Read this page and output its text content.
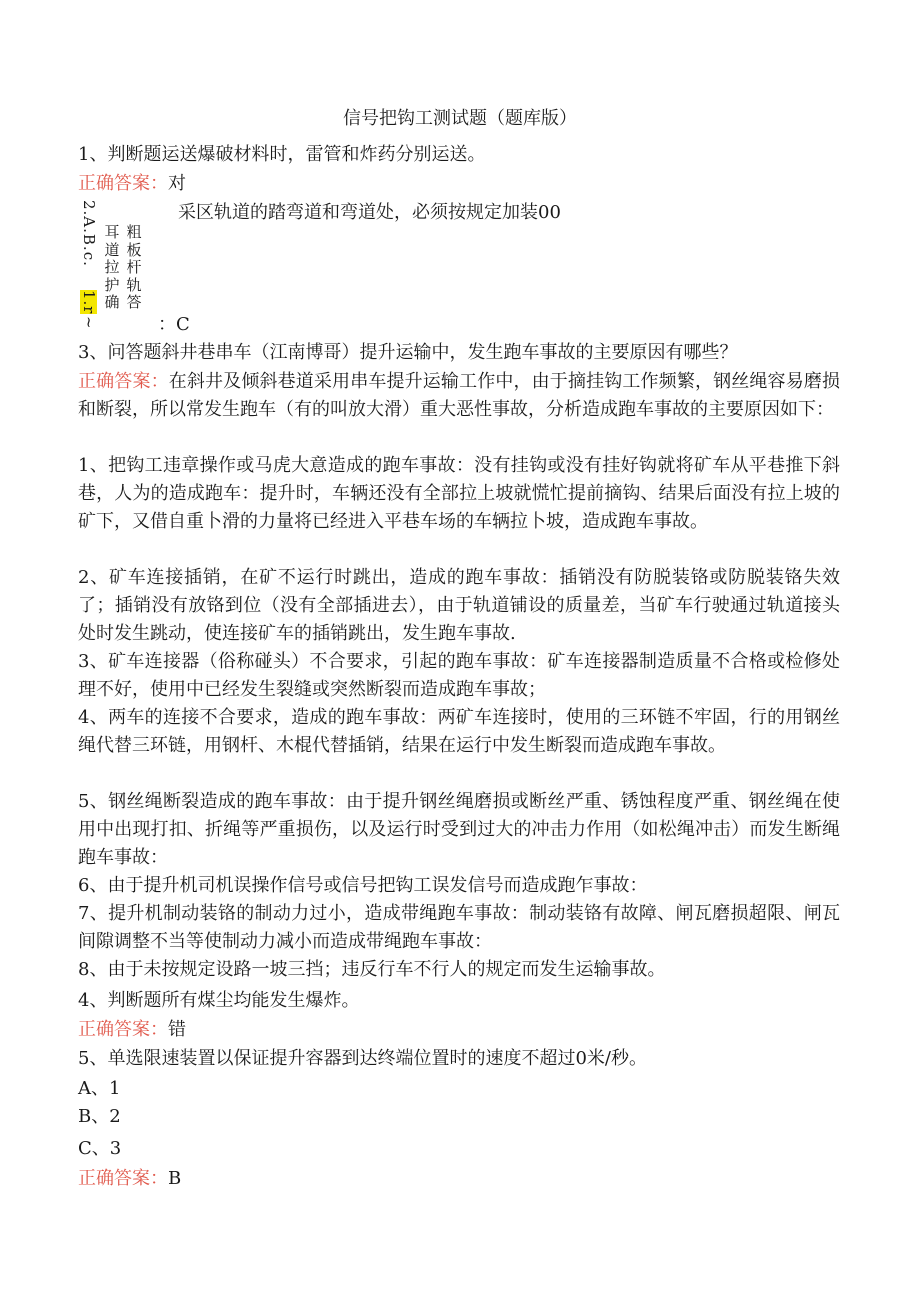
信号把钩工测试题（题库版）
1、判断题运送爆破材料时，雷管和炸药分别运送。
正确答案：对
2.A.B.c.
1.r
~
耳
道
拉
护
确
粗
板
杆
轨
答
采区轨道的踏弯道和弯道处，必须按规定加装00
：C
3、问答题斜井巷串车（江南博哥）提升运输中，发生跑车事故的主要原因有哪些？
正确答案：在斜井及倾斜巷道采用串车提升运输工作中，由于摘挂钩工作频繁，钢丝绳容易磨损和断裂，所以常发生跑车（有的叫放大滑）重大恶性事故，分析造成跑车事故的主要原因如下：
1、把钩工违章操作或马虎大意造成的跑车事故：没有挂钩或没有挂好钩就将矿车从平巷推下斜巷，人为的造成跑车：提升时，车辆还没有全部拉上坡就慌忙提前摘钩、结果后面没有拉上坡的矿下，又借自重卜滑的力量将已经进入平巷车场的车辆拉卜坡，造成跑车事故。
2、矿车连接插销，在矿不运行时跳出，造成的跑车事故：插销没有防脱装铬或防脱装铬失效了；插销没有放铬到位（没有全部插进去），由于轨道铺设的质量差，当矿车行驶通过轨道接头处时发生跳动，使连接矿车的插销跳出，发生跑车事故.
3、矿车连接器（俗称碰头）不合要求，引起的跑车事故：矿车连接器制造质量不合格或检修处理不好，使用中已经发生裂缝或突然断裂而造成跑车事故；
4、两车的连接不合要求，造成的跑车事故：两矿车连接时，使用的三环链不牢固，行的用钢丝绳代替三环链，用钢杆、木棍代替插销，结果在运行中发生断裂而造成跑车事故。
5、钢丝绳断裂造成的跑车事故：由于提升钢丝绳磨损或断丝严重、锈蚀程度严重、钢丝绳在使用中出现打扣、折绳等严重损伤，以及运行时受到过大的冲击力作用（如松绳冲击）而发生断绳跑车事故：
6、由于提升机司机误操作信号或信号把钩工误发信号而造成跑乍事故：
7、提升机制动装铬的制动力过小，造成带绳跑车事故：制动装铬有故障、闸瓦磨损超限、闸瓦间隙调整不当等使制动力减小而造成带绳跑车事故：
8、由于未按规定设路一坡三挡；违反行车不行人的规定而发生运输事故。
4、判断题所有煤尘均能发生爆炸。
正确答案：错
5、单选限速装置以保证提升容器到达终端位置时的速度不超过0米/秒。
A、1
B、2
C、3
正确答案：B
